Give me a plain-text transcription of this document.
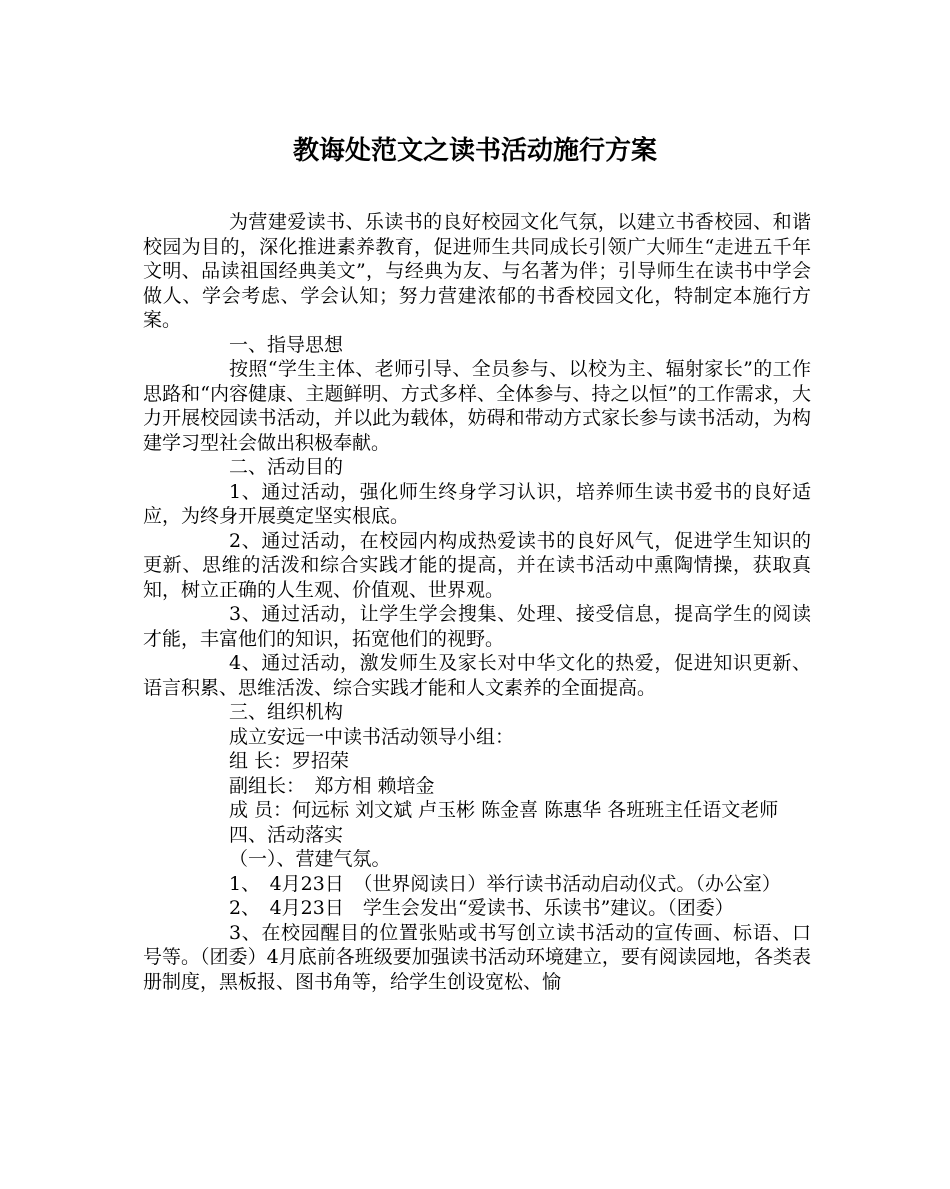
教诲处范文之读书活动施行方案

为营建爱读书、乐读书的良好校园文化气氛，以建立书香校园、和谐校园为目的，深化推进素养教育，促进师生共同成长引领广大师生“走进五千年文明、品读祖国经典美文”，与经典为友、与名著为伴；引导师生在读书中学会做人、学会考虑、学会认知；努力营建浓郁的书香校园文化，特制定本施行方案。

一、指导思想

按照“学生主体、老师引导、全员参与、以校为主、辐射家长”的工作思路和“内容健康、主题鲜明、方式多样、全体参与、持之以恒”的工作需求，大力开展校园读书活动，并以此为载体，妨碍和带动方式家长参与读书活动，为构建学习型社会做出积极奉献。

二、活动目的

1、通过活动，强化师生终身学习认识，培养师生读书爱书的良好适应，为终身开展奠定坚实根底。

2、通过活动，在校园内构成热爱读书的良好风气，促进学生知识的更新、思维的活泼和综合实践才能的提高，并在读书活动中熏陶情操，获取真知，树立正确的人生观、价值观、世界观。

3、通过活动，让学生学会搜集、处理、接受信息，提高学生的阅读才能，丰富他们的知识，拓宽他们的视野。

4、通过活动，激发师生及家长对中华文化的热爱，促进知识更新、语言积累、思维活泼、综合实践才能和人文素养的全面提高。

三、组织机构

成立安远一中读书活动领导小组：

组 长：罗招荣

副组长：　郑方相 赖培金

成 员：何远标 刘文斌 卢玉彬 陈金喜 陈惠华 各班班主任语文老师

四、活动落实

（一）、营建气氛。

1、　4月23日　（世界阅读日）举行读书活动启动仪式。（办公室）

2、　4月23日　学生会发出“爱读书、乐读书”建议。（团委）

3、在校园醒目的位置张贴或书写创立读书活动的宣传画、标语、口号等。（团委）4月底前各班级要加强读书活动环境建立，要有阅读园地，各类表册制度，黑板报、图书角等，给学生创设宽松、愉
